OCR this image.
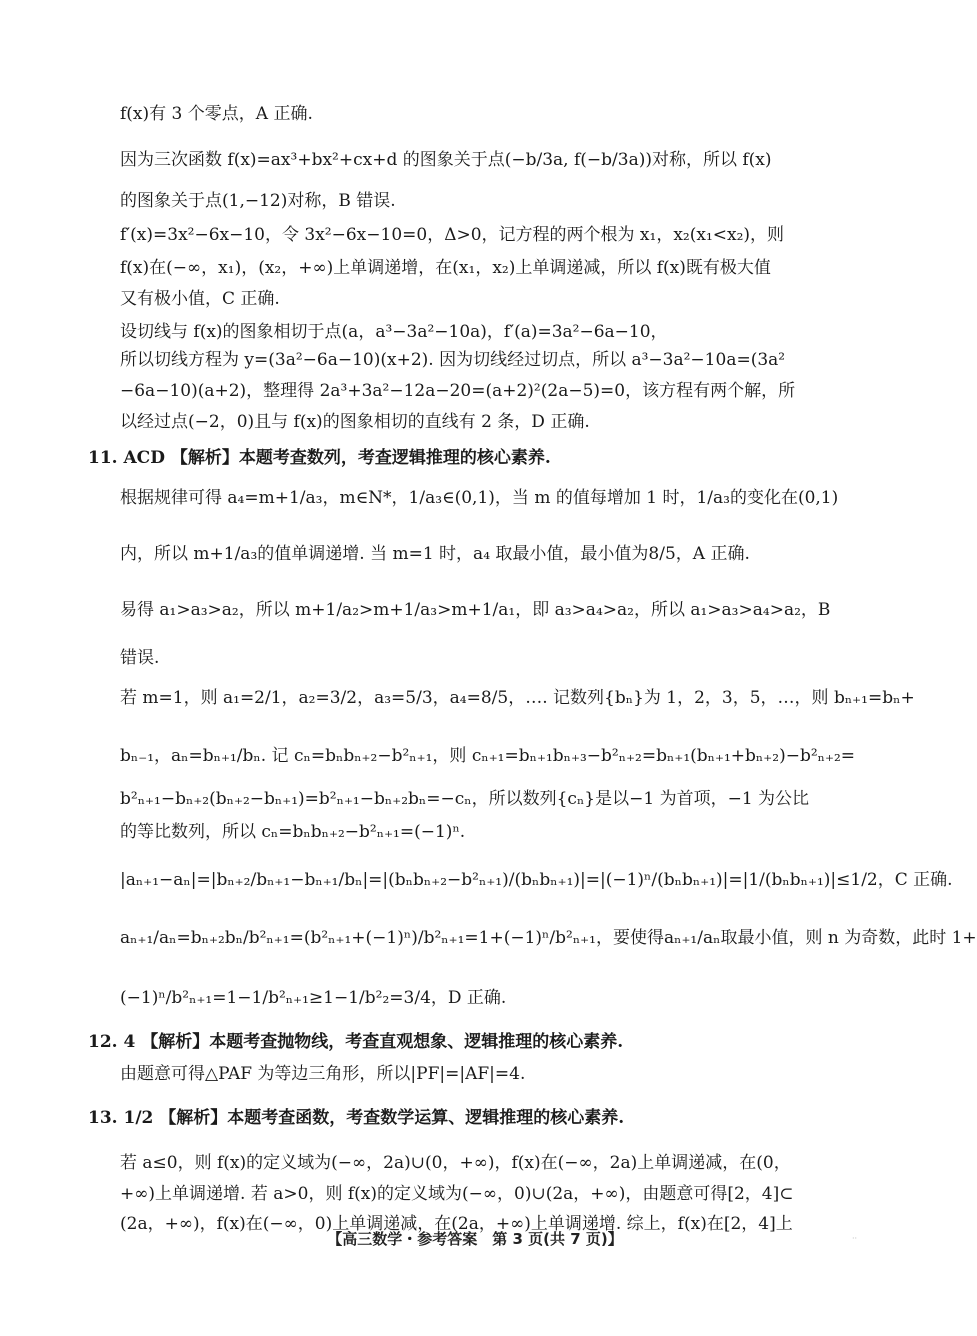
f(x)有 3 个零点，A 正确.
因为三次函数 f(x)=ax³+bx²+cx+d 的图象关于点(−b/3a, f(−b/3a))对称，所以 f(x)
的图象关于点(1,−12)对称，B 错误.
f′(x)=3x²−6x−10，令 3x²−6x−10=0，Δ>0，记方程的两个根为 x₁，x₂(x₁<x₂)，则
f(x)在(−∞，x₁)，(x₂，+∞)上单调递增，在(x₁，x₂)上单调递减，所以 f(x)既有极大值
又有极小值，C 正确.
设切线与 f(x)的图象相切于点(a，a³−3a²−10a)，f′(a)=3a²−6a−10，
所以切线方程为 y=(3a²−6a−10)(x+2). 因为切线经过切点，所以 a³−3a²−10a=(3a²
−6a−10)(a+2)，整理得 2a³+3a²−12a−20=(a+2)²(2a−5)=0，该方程有两个解，所
以经过点(−2，0)且与 f(x)的图象相切的直线有 2 条，D 正确.
11. ACD 【解析】本题考查数列，考查逻辑推理的核心素养.
根据规律可得 a₄=m+1/a₃，m∈N*，1/a₃∈(0,1)，当 m 的值每增加 1 时，1/a₃的变化在(0,1)
内，所以 m+1/a₃的值单调递增. 当 m=1 时，a₄ 取最小值，最小值为8/5，A 正确.
易得 a₁>a₃>a₂，所以 m+1/a₂>m+1/a₃>m+1/a₁，即 a₃>a₄>a₂，所以 a₁>a₃>a₄>a₂，B
错误.
若 m=1，则 a₁=2/1，a₂=3/2，a₃=5/3，a₄=8/5，…. 记数列{bₙ}为 1，2，3，5，…，则 bₙ₊₁=bₙ+
bₙ₋₁，aₙ=bₙ₊₁/bₙ. 记 cₙ=bₙbₙ₊₂−b²ₙ₊₁，则 cₙ₊₁=bₙ₊₁bₙ₊₃−b²ₙ₊₂=bₙ₊₁(bₙ₊₁+bₙ₊₂)−b²ₙ₊₂=
b²ₙ₊₁−bₙ₊₂(bₙ₊₂−bₙ₊₁)=b²ₙ₊₁−bₙ₊₂bₙ=−cₙ，所以数列{cₙ}是以−1 为首项，−1 为公比
的等比数列，所以 cₙ=bₙbₙ₊₂−b²ₙ₊₁=(−1)ⁿ.
|aₙ₊₁−aₙ|=|bₙ₊₂/bₙ₊₁−bₙ₊₁/bₙ|=|(bₙbₙ₊₂−b²ₙ₊₁)/(bₙbₙ₊₁)|=|(−1)ⁿ/(bₙbₙ₊₁)|=|1/(bₙbₙ₊₁)|≤1/2，C 正确.
aₙ₊₁/aₙ=bₙ₊₂bₙ/b²ₙ₊₁=(b²ₙ₊₁+(−1)ⁿ)/b²ₙ₊₁=1+(−1)ⁿ/b²ₙ₊₁，要使得aₙ₊₁/aₙ取最小值，则 n 为奇数，此时 1+
(−1)ⁿ/b²ₙ₊₁=1−1/b²ₙ₊₁≥1−1/b²₂=3/4，D 正确.
12. 4 【解析】本题考查抛物线，考查直观想象、逻辑推理的核心素养.
由题意可得△PAF 为等边三角形，所以|PF|=|AF|=4.
13. 1/2 【解析】本题考查函数，考查数学运算、逻辑推理的核心素养.
若 a≤0，则 f(x)的定义域为(−∞，2a)∪(0，+∞)，f(x)在(−∞，2a)上单调递减，在(0，
+∞)上单调递增. 若 a>0，则 f(x)的定义域为(−∞，0)∪(2a，+∞)，由题意可得[2，4]⊂
(2a，+∞)，f(x)在(−∞，0)上单调递减，在(2a，+∞)上单调递增. 综上，f(x)在[2，4]上
【高三数学・参考答案　第 3 页(共 7 页)】	··
